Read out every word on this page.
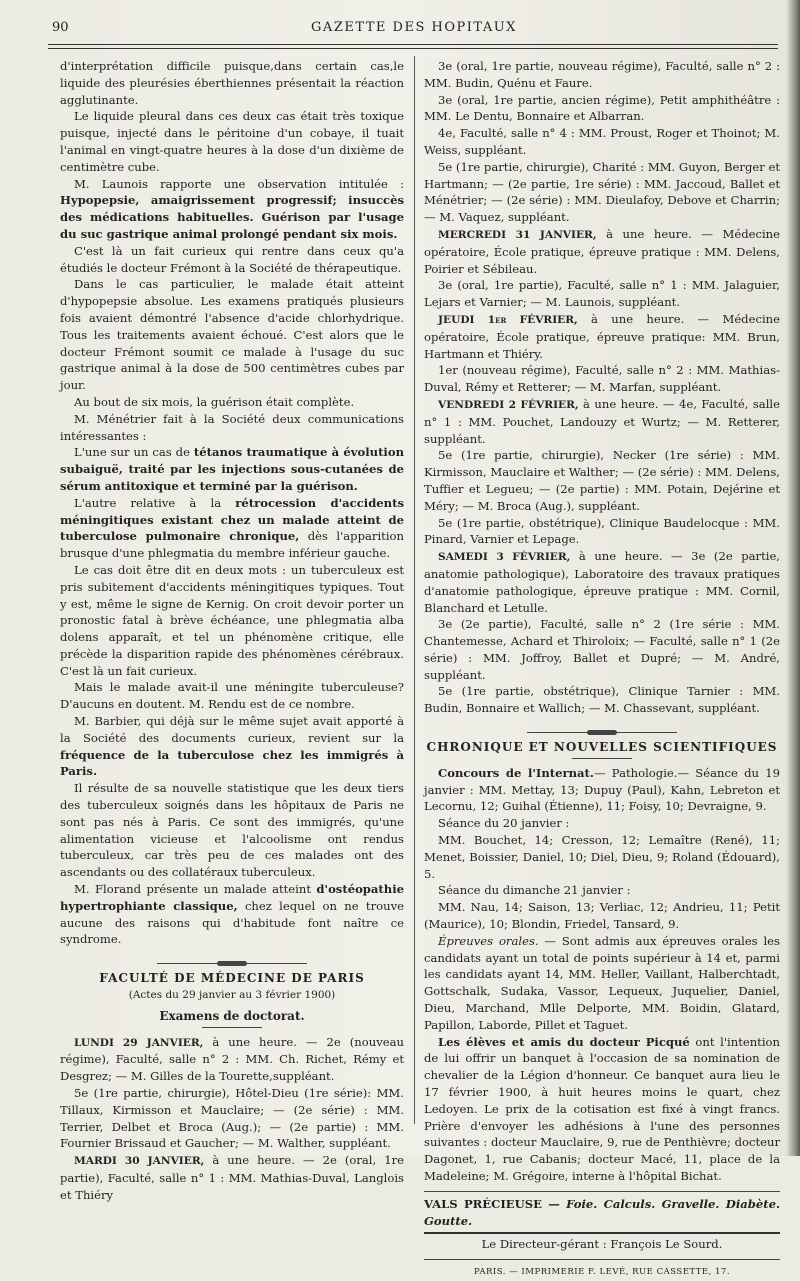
90	GAZETTE DES HOPITAUX

d'interprétation difficile puisque,dans certain cas,le liquide des pleurésies éberthiennes présentait la réaction agglutinante.

Le liquide pleural dans ces deux cas était très toxique puisque, injecté dans le péritoine d'un cobaye, il tuait l'animal en vingt-quatre heures à la dose d'un dixième de centimètre cube.

M. Launois rapporte une observation intitulée : Hypopepsie, amaigrissement progressif; insuccès des médications habituelles. Guérison par l'usage du suc gastrique animal prolongé pendant six mois.

C'est là un fait curieux qui rentre dans ceux qu'a étudiés le docteur Frémont à la Société de thérapeutique.

Dans le cas particulier, le malade était atteint d'hypopepsie absolue. Les examens pratiqués plusieurs fois avaient démontré l'absence d'acide chlorhydrique. Tous les traitements avaient échoué. C'est alors que le docteur Frémont soumit ce malade à l'usage du suc gastrique animal à la dose de 500 centimètres cubes par jour.

Au bout de six mois, la guérison était complète.

M. Ménétrier fait à la Société deux communications intéressantes :

L'une sur un cas de tétanos traumatique à évolution subaiguë, traité par les injections sous-cutanées de sérum antitoxique et terminé par la guérison.

L'autre relative à la rétrocession d'accidents méningitiques existant chez un malade atteint de tuberculose pulmonaire chronique, dès l'apparition brusque d'une phlegmatia du membre inférieur gauche.

Le cas doit être dit en deux mots : un tuberculeux est pris subitement d'accidents méningitiques typiques. Tout y est, même le signe de Kernig. On croit devoir porter un pronostic fatal à brève échéance, une phlegmatia alba dolens apparaît, et tel un phénomène critique, elle précède la disparition rapide des phénomènes cérébraux. C'est là un fait curieux.

Mais le malade avait-il une méningite tuberculeuse? D'aucuns en doutent. M. Rendu est de ce nombre.

M. Barbier, qui déjà sur le même sujet avait apporté à la Société des documents curieux, revient sur la fréquence de la tuberculose chez les immigrés à Paris.

Il résulte de sa nouvelle statistique que les deux tiers des tuberculeux soignés dans les hôpitaux de Paris ne sont pas nés à Paris. Ce sont des immigrés, qu'une alimentation vicieuse et l'alcoolisme ont rendus tuberculeux, car très peu de ces malades ont des ascendants ou des collatéraux tuberculeux.

M. Florand présente un malade atteint d'ostéopathie hypertrophiante classique, chez lequel on ne trouve aucune des raisons qui d'habitude font naître ce syndrome.

FACULTÉ DE MÉDECINE DE PARIS
(Actes du 29 janvier au 3 février 1900)
Examens de doctorat.

LUNDI 29 JANVIER, à une heure. — 2e (nouveau régime), Faculté, salle n° 2 : MM. Ch. Richet, Rémy et Desgrez; — M. Gilles de la Tourette,suppléant.

5e (1re partie, chirurgie), Hôtel-Dieu (1re série): MM. Tillaux, Kirmisson et Mauclaire; — (2e série) : MM. Terrier, Delbet et Broca (Aug.); — (2e partie) : MM. Fournier Brissaud et Gaucher; — M. Walther, suppléant.

MARDI 30 JANVIER, à une heure. — 2e (oral, 1re partie), Faculté, salle n° 1 : MM. Mathias-Duval, Langlois et Thiéry

3e (oral, 1re partie, nouveau régime), Faculté, salle n° 2 : MM. Budin, Quénu et Faure.

3e (oral, 1re partie, ancien régime), Petit amphithéâtre : MM. Le Dentu, Bonnaire et Albarran.

4e, Faculté, salle n° 4 : MM. Proust, Roger et Thoinot; M. Weiss, suppléant.

5e (1re partie, chirurgie), Charité : MM. Guyon, Berger et Hartmann; — (2e partie, 1re série) : MM. Jaccoud, Ballet et Ménétrier; — (2e série) : MM. Dieulafoy, Debove et Charrin; — M. Vaquez, suppléant.

MERCREDI 31 JANVIER, à une heure. — Médecine opératoire, École pratique, épreuve pratique : MM. Delens, Poirier et Sébileau.

3e (oral, 1re partie), Faculté, salle n° 1 : MM. Jalaguier, Lejars et Varnier; — M. Launois, suppléant.

JEUDI 1er FÉVRIER, à une heure. — Médecine opératoire, École pratique, épreuve pratique: MM. Brun, Hartmann et Thiéry.

1er (nouveau régime), Faculté, salle n° 2 : MM. Mathias-Duval, Rémy et Retterer; — M. Marfan, suppléant.

VENDREDI 2 FÉVRIER, à une heure. — 4e, Faculté, salle n° 1 : MM. Pouchet, Landouzy et Wurtz; — M. Retterer, suppléant.

5e (1re partie, chirurgie), Necker (1re série) : MM. Kirmisson, Mauclaire et Walther; — (2e série) : MM. Delens, Tuffier et Legueu; — (2e partie) : MM. Potain, Dejérine et Méry; — M. Broca (Aug.), suppléant.

5e (1re partie, obstétrique), Clinique Baudelocque : MM. Pinard, Varnier et Lepage.

SAMEDI 3 FÉVRIER, à une heure. — 3e (2e partie, anatomie pathologique), Laboratoire des travaux pratiques d'anatomie pathologique, épreuve pratique : MM. Cornil, Blanchard et Letulle.

3e (2e partie), Faculté, salle n° 2 (1re série : MM. Chantemesse, Achard et Thiroloix; — Faculté, salle n° 1 (2e série) : MM. Joffroy, Ballet et Dupré; — M. André, suppléant.

5e (1re partie, obstétrique), Clinique Tarnier : MM. Budin, Bonnaire et Wallich; — M. Chassevant, suppléant.

CHRONIQUE ET NOUVELLES SCIENTIFIQUES

Concours de l'Internat.— Pathologie.— Séance du 19 janvier : MM. Mettay, 13; Dupuy (Paul), Kahn, Lebreton et Lecornu, 12; Guihal (Étienne), 11; Foisy, 10; Devraigne, 9.

Séance du 20 janvier :

MM. Bouchet, 14; Cresson, 12; Lemaître (René), 11; Menet, Boissier, Daniel, 10; Diel, Dieu, 9; Roland (Édouard), 5.

Séance du dimanche 21 janvier :

MM. Nau, 14; Saison, 13; Verliac, 12; Andrieu, 11; Petit (Maurice), 10; Blondin, Friedel, Tansard, 9.

Épreuves orales. — Sont admis aux épreuves orales les candidats ayant un total de points supérieur à 14 et, parmi les candidats ayant 14, MM. Heller, Vaillant, Halberchtadt, Gottschalk, Sudaka, Vassor, Lequeux, Juquelier, Daniel, Dieu, Marchand, Mlle Delporte, MM. Boidin, Glatard, Papillon, Laborde, Pillet et Taguet.

Les élèves et amis du docteur Picqué ont l'intention de lui offrir un banquet à l'occasion de sa nomination de chevalier de la Légion d'honneur. Ce banquet aura lieu le 17 février 1900, à huit heures moins le quart, chez Ledoyen. Le prix de la cotisation est fixé à vingt francs. Prière d'envoyer les adhésions à l'une des personnes suivantes : docteur Mauclaire, 9, rue de Penthièvre; docteur Dagonet, 1, rue Cabanis; docteur Macé, 11, place de la Madeleine; M. Grégoire, interne à l'hôpital Bichat.

VALS PRÉCIEUSE — Foie. Calculs. Gravelle. Diabète. Goutte.

Le Directeur-gérant : François Le Sourd.
PARIS. — IMPRIMERIE F. LEVÉ, RUE CASSETTE, 17.
